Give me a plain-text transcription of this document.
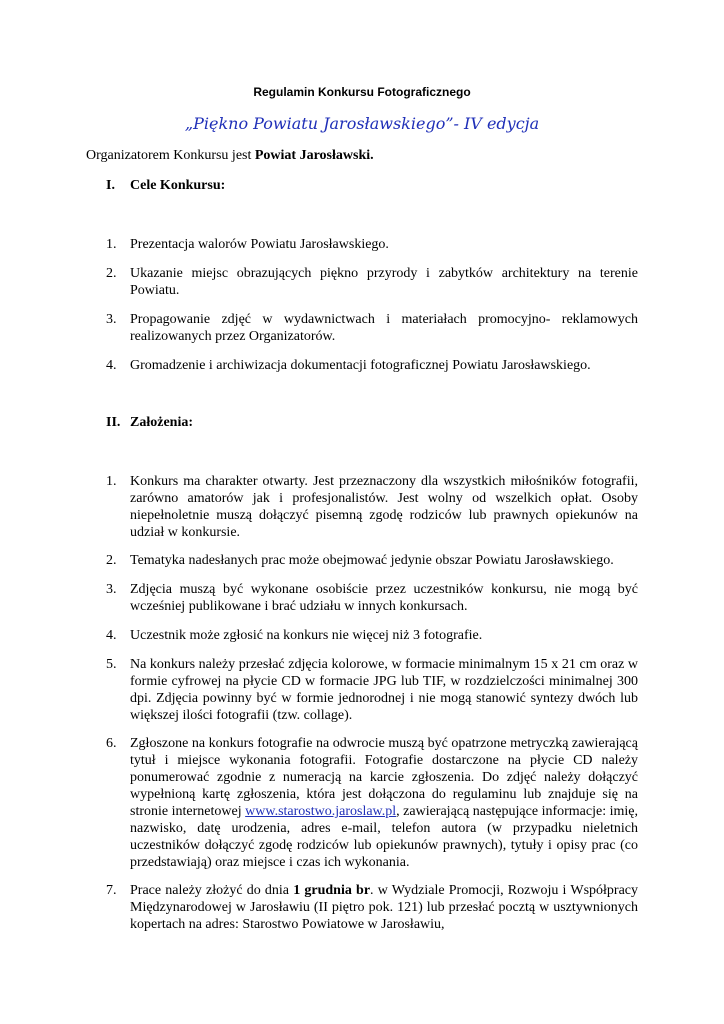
Regulamin Konkursu Fotograficznego
„Piękno Powiatu Jarosławskiego”- IV edycja
Organizatorem Konkursu jest Powiat Jarosławski.
I. Cele Konkursu:
1. Prezentacja walorów Powiatu Jarosławskiego.
2. Ukazanie miejsc obrazujących piękno przyrody i zabytków architektury na terenie Powiatu.
3. Propagowanie zdjęć w wydawnictwach i materiałach promocyjno- reklamowych realizowanych przez Organizatorów.
4. Gromadzenie i archiwizacja dokumentacji fotograficznej Powiatu Jarosławskiego.
II. Założenia:
1. Konkurs ma charakter otwarty. Jest przeznaczony dla wszystkich miłośników fotografii, zarówno amatorów jak i profesjonalistów. Jest wolny od wszelkich opłat. Osoby niepełnoletnie muszą dołączyć pisemną zgodę rodziców lub prawnych opiekunów na udział w konkursie.
2. Tematyka nadesłanych prac może obejmować jedynie obszar Powiatu Jarosławskiego.
3. Zdjęcia muszą być wykonane osobiście przez uczestników konkursu, nie mogą być wcześniej publikowane i brać udziału w innych konkursach.
4. Uczestnik może zgłosić na konkurs nie więcej niż 3 fotografie.
5. Na konkurs należy przesłać zdjęcia kolorowe, w formacie minimalnym 15 x 21 cm oraz w formie cyfrowej na płycie CD w formacie JPG lub TIF, w rozdzielczości minimalnej 300 dpi. Zdjęcia powinny być w formie jednorodnej i nie mogą stanowić syntezy dwóch lub większej ilości fotografii (tzw. collage).
6. Zgłoszone na konkurs fotografie na odwrocie muszą być opatrzone metryczką zawierającą tytuł i miejsce wykonania fotografii. Fotografie dostarczone na płycie CD należy ponumerować zgodnie z numeracją na karcie zgłoszenia. Do zdjęć należy dołączyć wypełnioną kartę zgłoszenia, która jest dołączona do regulaminu lub znajduje się na stronie internetowej www.starostwo.jaroslaw.pl, zawierającą następujące informacje: imię, nazwisko, datę urodzenia, adres e-mail, telefon autora (w przypadku nieletnich uczestników dołączyć zgodę rodziców lub opiekunów prawnych), tytuły i opisy prac (co przedstawiają) oraz miejsce i czas ich wykonania.
7. Prace należy złożyć do dnia 1 grudnia br. w Wydziale Promocji, Rozwoju i Współpracy Międzynarodowej w Jarosławiu (II piętro pok. 121) lub przesłać pocztą w usztywnionych kopertach na adres: Starostwo Powiatowe w Jarosławiu,
